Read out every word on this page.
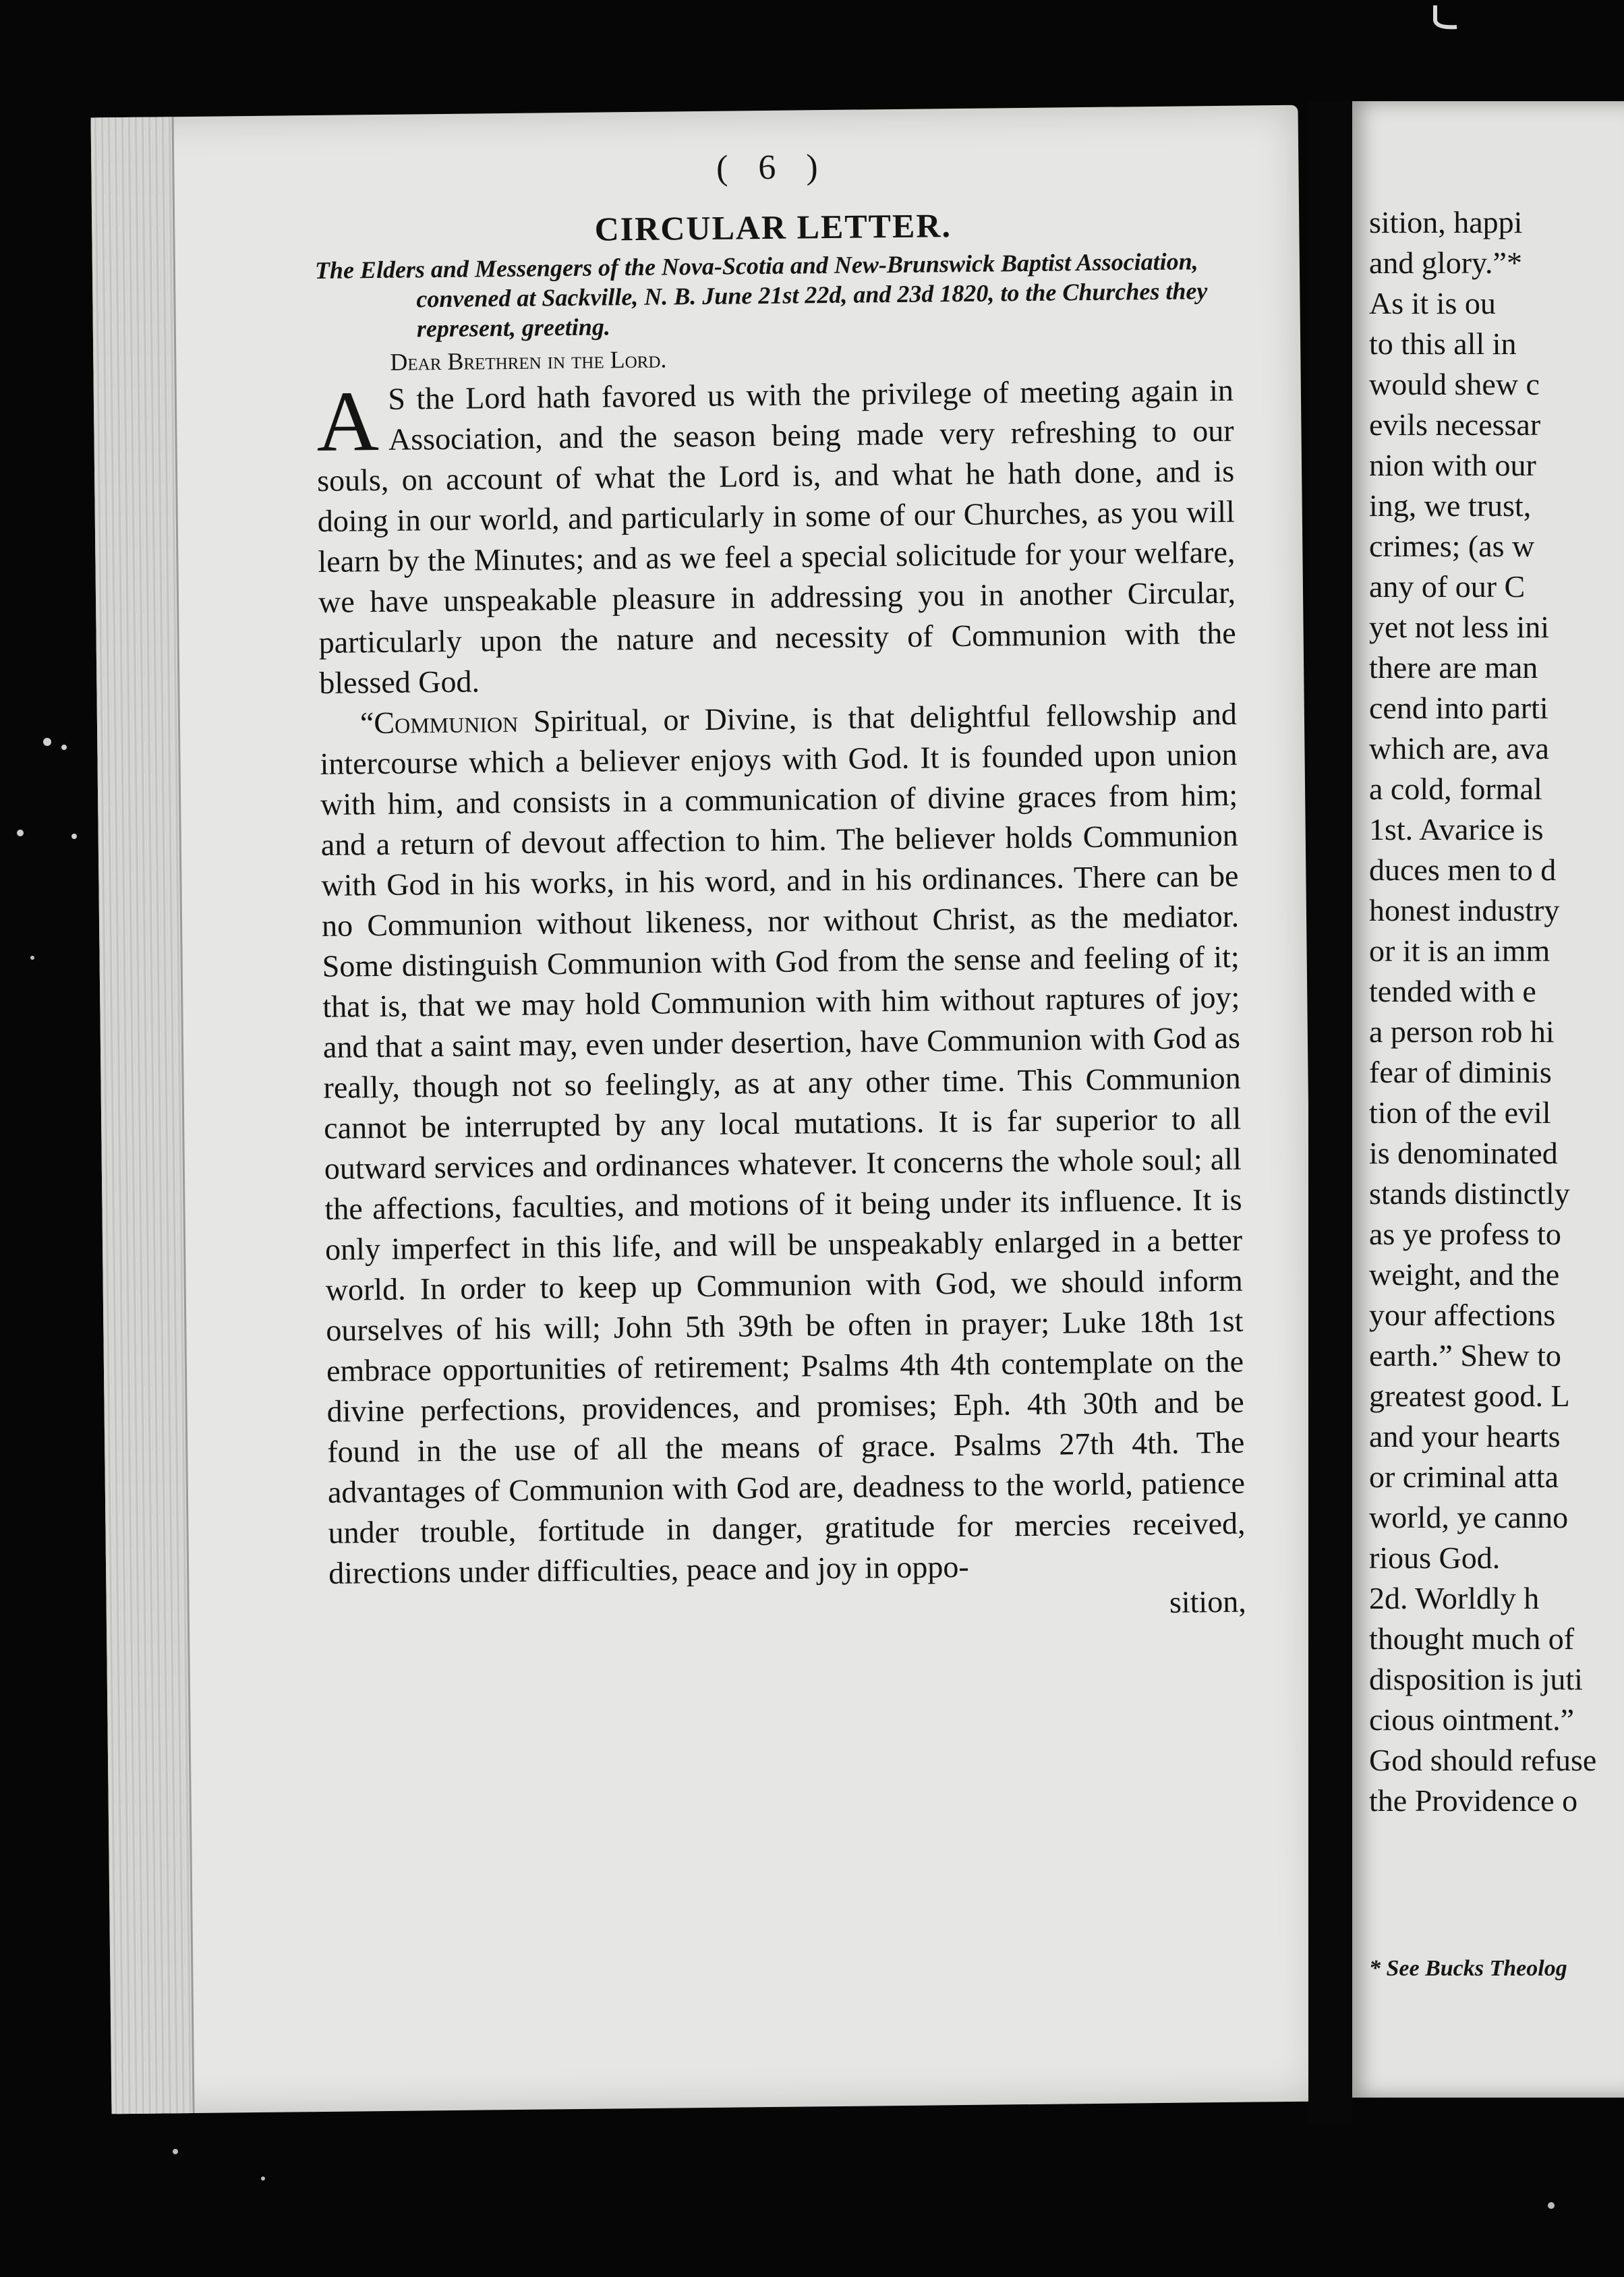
( 6 )
CIRCULAR LETTER.

The Elders and Messengers of the Nova-Scotia and New-Brunswick Baptist Association, convened at Sackville, N. B. June 21st 22d, and 23d 1820, to the Churches they represent, greeting.

Dear Brethren in the Lord.

A S the Lord hath favored us with the privilege of meeting again in Association, and the season being made very refreshing to our souls, on account of what the Lord is, and what he hath done, and is doing in our world, and particularly in some of our Churches, as you will learn by the Minutes; and as we feel a special solicitude for your welfare, we have unspeakable pleasure in addressing you in another Circular, particularly upon the nature and necessity of Communion with the blessed God.

“Communion Spiritual, or Divine, is that delightful fellowship and intercourse which a believer enjoys with God. It is founded upon union with him, and consists in a communication of divine graces from him; and a return of devout affection to him. The believer holds Communion with God in his works, in his word, and in his ordinances. There can be no Communion without likeness, nor without Christ, as the mediator. Some distinguish Communion with God from the sense and feeling of it; that is, that we may hold Communion with him without raptures of joy; and that a saint may, even under desertion, have Communion with God as really, though not so feelingly, as at any other time. This Communion cannot be interrupted by any local mutations. It is far superior to all outward services and ordinances whatever. It concerns the whole soul; all the affections, faculties, and motions of it being under its influence. It is only imperfect in this life, and will be unspeakably enlarged in a better world. In order to keep up Communion with God, we should inform ourselves of his will; John 5th 39th be often in prayer; Luke 18th 1st embrace opportunities of retirement; Psalms 4th 4th contemplate on the divine perfections, providences, and promises; Eph. 4th 30th and be found in the use of all the means of grace. Psalms 27th 4th. The advantages of Communion with God are, deadness to the world, patience under trouble, fortitude in danger, gratitude for mercies received, directions under difficulties, peace and joy in oppo-

sition,
sition, happi
and glory.”*
As it is ou
to this all in
would shew c
evils necessar
nion with our
ing, we trust,
crimes; (as w
any of our C
yet not less ini
there are man
cend into parti
which are, ava
a cold, formal
1st. Avarice is
duces men to d
honest industry
or it is an imm
tended with e
a person rob hi
fear of diminis
tion of the evil
is denominated
stands distinctly
as ye profess to
weight, and the
your affections
earth.” Shew to
greatest good. L
and your hearts
or criminal atta
world, ye canno
rious God.
2d. Worldly h
thought much of
disposition is juti
cious ointment.”
God should refuse
the Providence o
* See Bucks Theolog
